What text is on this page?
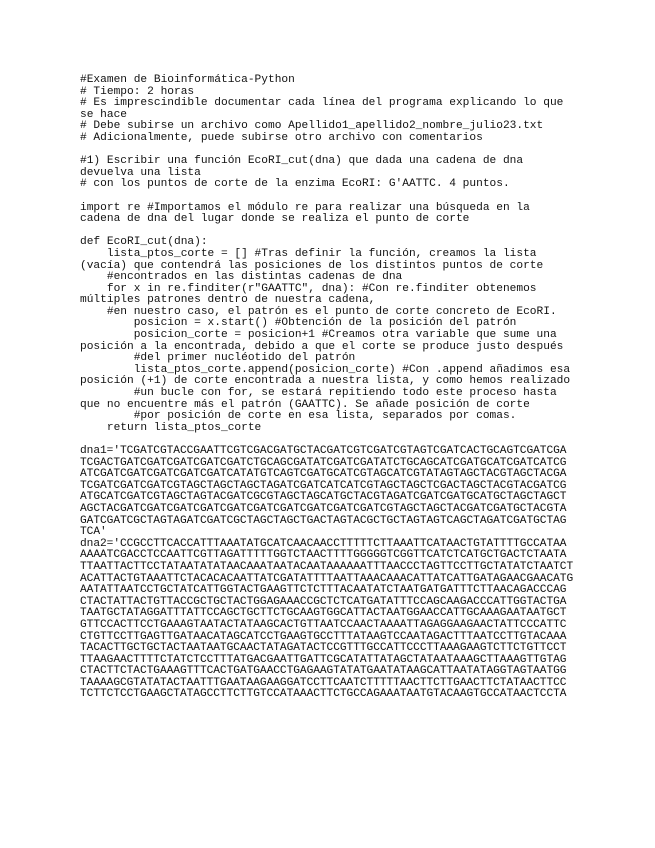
#Examen de Bioinformática-Python
# Tiempo: 2 horas
# Es imprescindible documentar cada línea del programa explicando lo que
se hace
# Debe subirse un archivo como Apellido1_apellido2_nombre_julio23.txt
# Adicionalmente, puede subirse otro archivo con comentarios
#1) Escribir una función EcoRI_cut(dna) que dada una cadena de dna
devuelva una lista
# con los puntos de corte de la enzima EcoRI: G'AATTC. 4 puntos.
import re #Importamos el módulo re para realizar una búsqueda en la
cadena de dna del lugar donde se realiza el punto de corte
def EcoRI_cut(dna):
lista_ptos_corte = [] #Tras definir la función, creamos la lista
(vacía) que contendrá las posiciones de los distintos puntos de corte
#encontrados en las distintas cadenas de dna
for x in re.finditer(r"GAATTC", dna): #Con re.finditer obtenemos
múltiples patrones dentro de nuestra cadena,
#en nuestro caso, el patrón es el punto de corte concreto de EcoRI.
posicion = x.start() #Obtención de la posición del patrón
posicion_corte = posicion+1 #Creamos otra variable que sume una
posición a la encontrada, debido a que el corte se produce justo después
#del primer nucléotido del patrón
lista_ptos_corte.append(posicion_corte) #Con .append añadimos esa
posición (+1) de corte encontrada a nuestra lista, y como hemos realizado
#un bucle con for, se estará repitiendo todo este proceso hasta
que no encuentre más el patrón (GAATTC). Se añade posición de corte
#por posición de corte en esa lista, separados por comas.
return lista_ptos_corte
dna1='TCGATCGTACCGAATTCGTCGACGATGCTACGATCGTCGATCGTAGTCGATCACTGCAGTCGATCGA
TCGACTGATCGATCGATCGATCGATCTGCAGCGATATCGATCGATATCTGCAGCATCGATGCATCGATCATCG
ATCGATCGATCGATCGATCGATCATATGTCAGTCGATGCATCGTAGCATCGTATAGTAGCTACGTAGCTACGA
TCGATCGATCGATCGTAGCTAGCTAGCTAGATCGATCATCATCGTAGCTAGCTCGACTAGCTACGTACGATCG
ATGCATCGATCGTAGCTAGTACGATCGCGTAGCTAGCATGCTACGTAGATCGATCGATGCATGCTAGCTAGCT
AGCTACGATCGATCGATCGATCGATCGATCGATCGATCGATCGATCGTAGCTAGCTACGATCGATGCTACGTA
GATCGATCGCTAGTAGATCGATCGCTAGCTAGCTGACTAGTACGCTGCTAGTAGTCAGCTAGATCGATGCTAG
TCA'
dna2='CCGCCTTCACCATTTAAATATGCATCAACAACCTTTTTCTTAAATTCATAACTGTATTTTGCCATAA
AAAATCGACCTCCAATTCGTTAGATTTTTGGTCTAACTTTTGGGGGTCGGTTCATCTCATGCTGACTCTAATA
TTAATTACTTCCTATAATATATAACAAATAATACAATAAAAAATTTAACCCTAGTTCCTTGCTATATCTAATCT
ACATTACTGTAAATTCTACACACAATTATCGATATTTTAATTAAACAAACATTATCATTGATAGAACGAACATG
AATATTAATCCTGCTATCATTGGTACTGAAGTTCTCTTTACAATATCTAATGATGATTTCTTAACAGACCCAG
CTACTATTACTGTTACCGCTGCTACTGGAGAAACCGCTCTCATGATATTTCCAGCAAGACCCATTGGTACTGA
TAATGCTATAGGATTTATTCCAGCTGCTTCTGCAAGTGGCATTACTAATGGAACCATTGCAAAGAATAATGCT
GTTCCACTTCCTGAAAGTAATACTATAAGCACTGTTAATCCAACTAAAATTAGAGGAAGAACTATTCCCATTC
CTGTTCCTTGAGTTGATAACATAGCATCCTGAAGTGCCTTTATAAGTCCAATAGACTTTAATCCTTGTACAAA
TACACTTGCTGCTACTAATAATGCAACTATAGATACTCCGTTTGCCATTCCCTTAAAGAAGTCTTCTGTTCCT
TTAAGAACTTTTCTATCTCCTTTATGACGAATTGATTCGCATATTATAGCTATAATAAAGCTTAAAGTTGTAG
CTACTTCTACTGAAAGTTTCACTGATGAACCTGAGAAGTATATGAATATAAGCATTAATATAGGTAGTAATGG
TAAAAGCGTATATACTAATTTGAATAAGAAGGATCCTTCAATCTTTTTAACTTCTTGAACTTCTATAACTTCC
TCTTCTCCTGAAGCTATAGCCTTCTTGTCCATAAACTTCTGCCAGAAATAATGTACAAGTGCCATAACTCCTA
